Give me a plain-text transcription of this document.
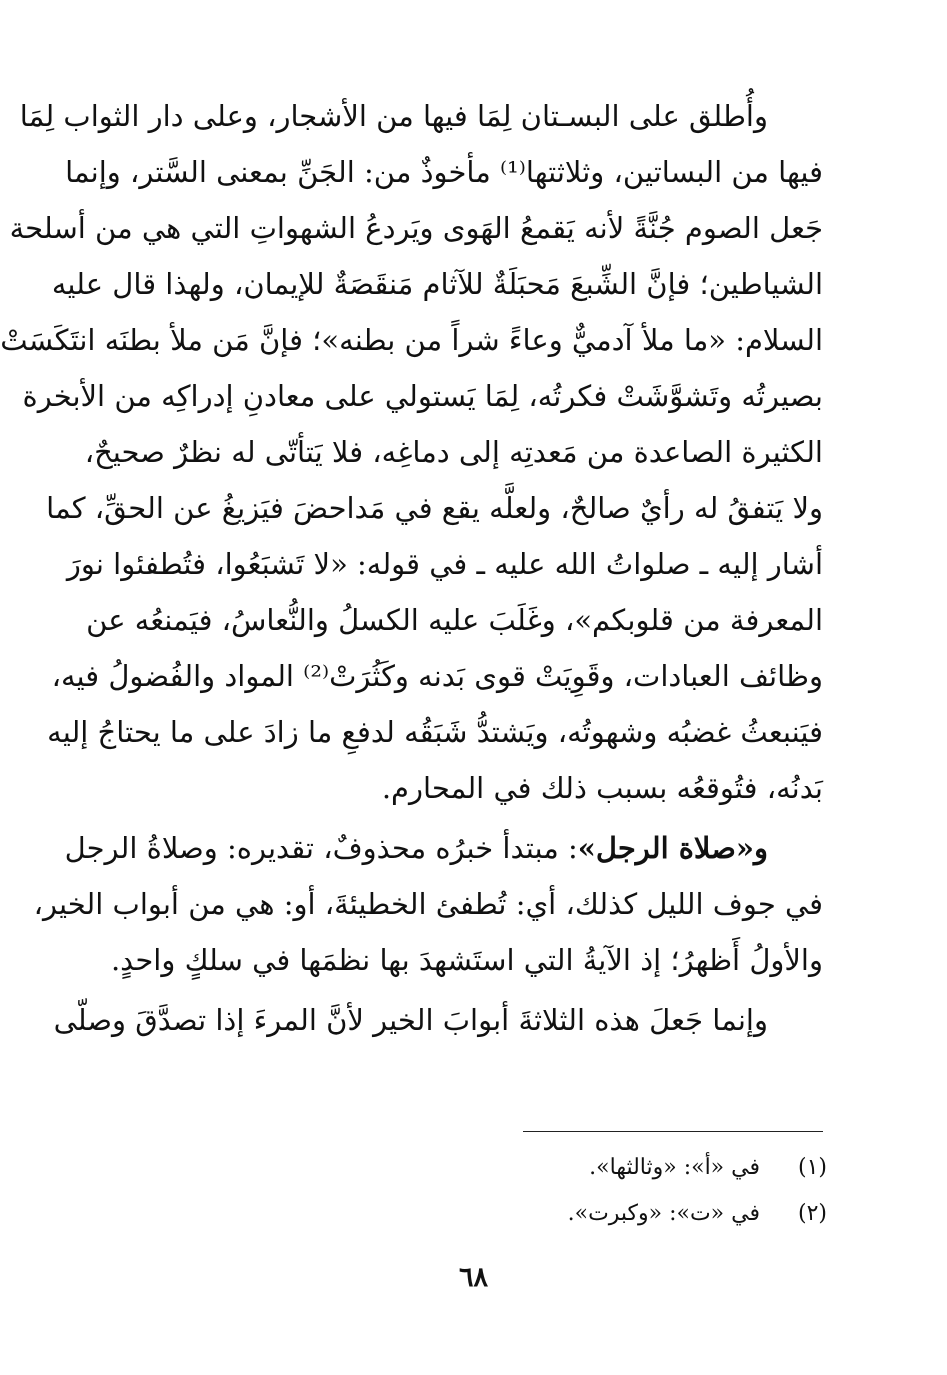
وأُطلق على البسـتان لِمَا فيها من الأشجار، وعلى دار الثواب لِمَا
فيها من البساتين، وثلاثتها⁽¹⁾ مأخوذٌ من: الجَنِّ بمعنى السَّتر، وإنما
جَعل الصوم جُنَّةً لأنه يَقمعُ الهَوى ويَردعُ الشهواتِ التي هي من أسلحة
الشياطين؛ فإنَّ الشِّبعَ مَحبَلَةٌ للآثام مَنقَصَةٌ للإيمان، ولهذا قال عليه
السلام: «ما ملأ آدميٌّ وعاءً شراً من بطنه»؛ فإنَّ مَن ملأ بطنَه انتَكَسَتْ
بصيرتُه وتَشوَّشَتْ فكرتُه، لِمَا يَستولي على معادنِ إدراكِه من الأبخرة
الكثيرة الصاعدة من مَعدتِه إلى دماغِه، فلا يَتأتّى له نظرٌ صحيحٌ،
ولا يَتفقُ له رأيٌ صالحٌ، ولعلَّه يقع في مَداحضَ فيَزيغُ عن الحقِّ، كما
أشار إليه ـ صلواتُ الله عليه ـ في قوله: «لا تَشبَعُوا، فتُطفئوا نورَ
المعرفة من قلوبكم»، وغَلَبَ عليه الكسلُ والنُّعاسُ، فيَمنعُه عن
وظائف العبادات، وقَوِيَتْ قوى بَدنه وكَثُرَتْ⁽²⁾ المواد والفُضولُ فيه،
فيَنبعثُ غضبُه وشهوتُه، ويَشتدُّ شَبَقُه لدفعِ ما زادَ على ما يحتاجُ إليه
بَدنُه، فتُوقعُه بسبب ذلك في المحارم.
و«صلاة الرجل»: مبتدأ خبرُه محذوفٌ، تقديره: وصلاةُ الرجل
في جوف الليل كذلك، أي: تُطفئ الخطيئةَ، أو: هي من أبواب الخير،
والأولُ أَظهرُ؛ إذ الآيةُ التي استَشهدَ بها نظمَها في سلكٍ واحدٍ.
وإنما جَعلَ هذه الثلاثةَ أبوابَ الخير لأنَّ المرءَ إذا تصدَّقَ وصلّى
(١) في «أ»: «وثالثها».
(٢) في «ت»: «وكبرت».
٦٨
